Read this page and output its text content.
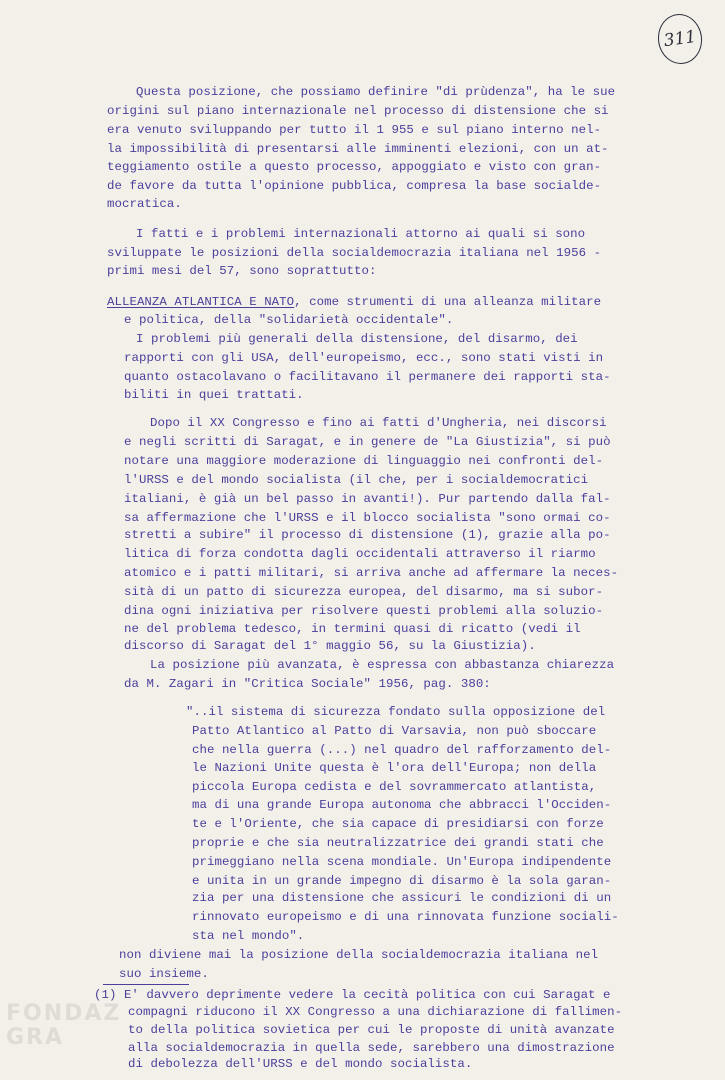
311
FONDAZ
GRA
Questa posizione, che possiamo definire "di prùdenza", ha le sue
origini sul piano internazionale nel processo di distensione che si
era venuto sviluppando per tutto il 1 955 e sul piano interno nel-
la impossibilità di presentarsi alle imminenti elezioni, con un at-
teggiamento ostile a questo processo, appoggiato e visto con gran-
de favore da tutta l'opinione pubblica, compresa la base socialde-
mocratica.
I fatti e i problemi internazionali attorno ai quali si sono
sviluppate le posizioni della socialdemocrazia italiana nel 1956 -
primi mesi del 57, sono soprattutto:
ALLEANZA ATLANTICA E NATO, come strumenti di una alleanza militare
e politica, della "solidarietà occidentale".
I problemi più generali della distensione, del disarmo, dei
rapporti con gli USA, dell'europeismo, ecc., sono stati visti in
quanto ostacolavano o facilitavano il permanere dei rapporti sta-
biliti in quei trattati.
Dopo il XX Congresso e fino ai fatti d'Ungheria, nei discorsi
e negli scritti di Saragat, e in genere de "La Giustizia", si può
notare una maggiore moderazione di linguaggio nei confronti del-
l'URSS e del mondo socialista (il che, per i socialdemocratici
italiani, è già un bel passo in avanti!). Pur partendo dalla fal-
sa affermazione che l'URSS e il blocco socialista "sono ormai co-
stretti a subire" il processo di distensione (1), grazie alla po-
litica di forza condotta dagli occidentali attraverso il riarmo
atomico e i patti militari, si arriva anche ad affermare la neces-
sità di un patto di sicurezza europea, del disarmo, ma si subor-
dina ogni iniziativa per risolvere questi problemi alla soluzio-
ne del problema tedesco, in termini quasi di ricatto (vedi il
discorso di Saragat del 1° maggio 56, su la Giustizia).
La posizione più avanzata, è espressa con abbastanza chiarezza
da M. Zagari in "Critica Sociale" 1956, pag. 380:
"..il sistema di sicurezza fondato sulla opposizione del
Patto Atlantico al Patto di Varsavia, non può sboccare
che nella guerra (...) nel quadro del rafforzamento del-
le Nazioni Unite questa è l'ora dell'Europa; non della
piccola Europa cedista e del sovrammercato atlantista,
ma di una grande Europa autonoma che abbracci l'Occiden-
te e l'Oriente, che sia capace di presidiarsi con forze
proprie e che sia neutralizzatrice dei grandi stati che
primeggiano nella scena mondiale. Un'Europa indipendente
e unita in un grande impegno di disarmo è la sola garan-
zia per una distensione che assicuri le condizioni di un
rinnovato europeismo e di una rinnovata funzione sociali-
sta nel mondo".
non diviene mai la posizione della socialdemocrazia italiana nel
suo insieme.
(1) E' davvero deprimente vedere la cecità politica con cui Saragat e
compagni riducono il XX Congresso a una dichiarazione di fallimen-
to della politica sovietica per cui le proposte di unità avanzate
alla socialdemocrazia in quella sede, sarebbero una dimostrazione
di debolezza dell'URSS e del mondo socialista.
